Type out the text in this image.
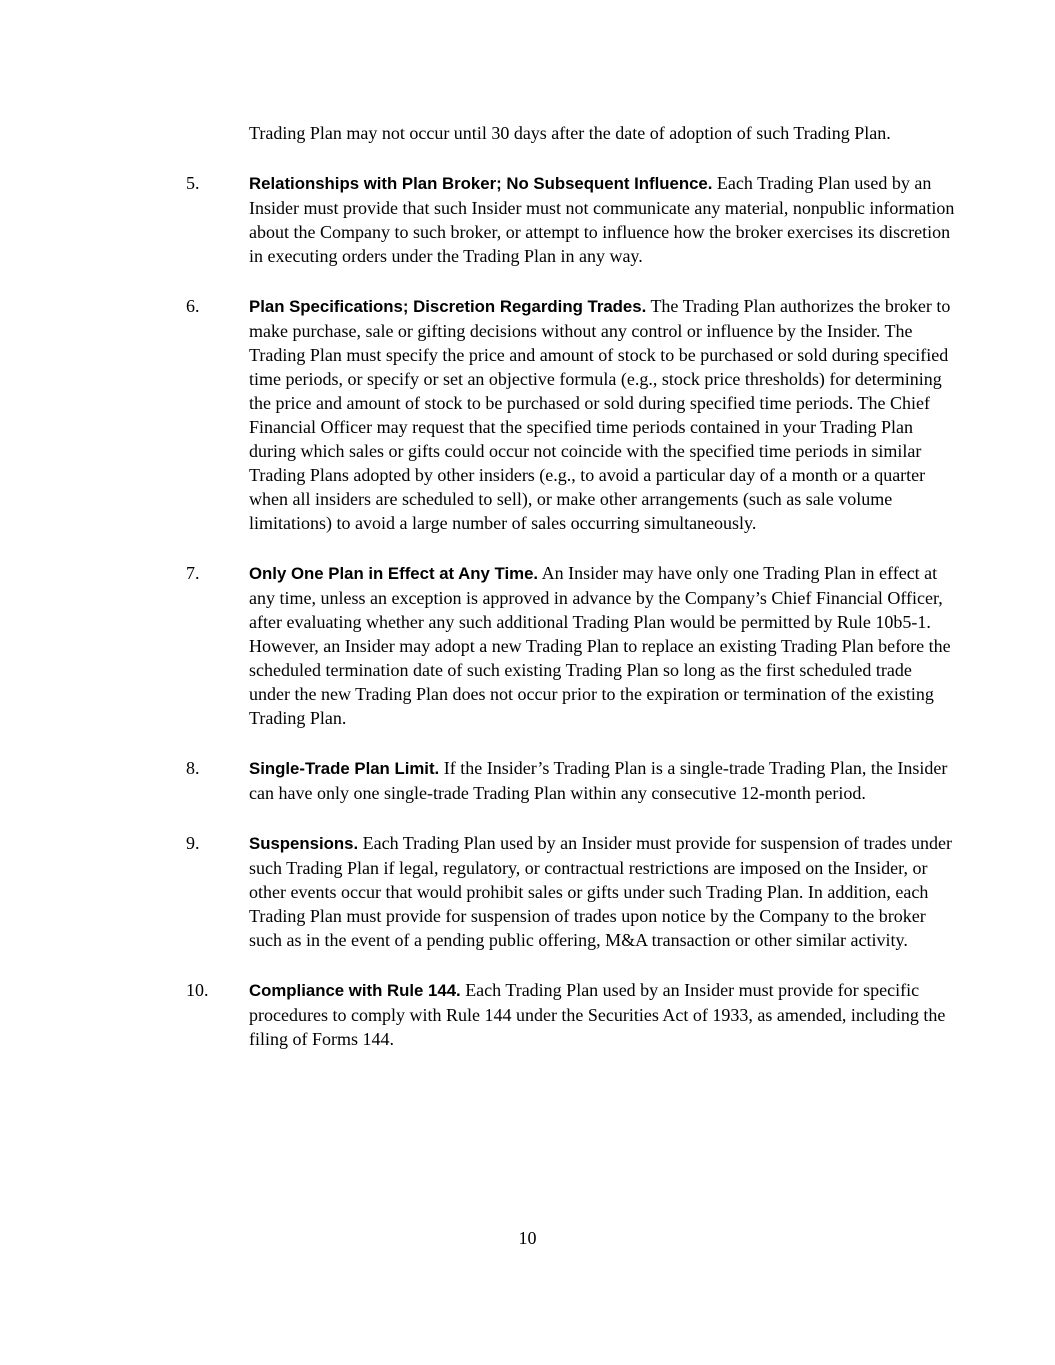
Trading Plan may not occur until 30 days after the date of adoption of such Trading Plan.

5.	Relationships with Plan Broker; No Subsequent Influence. Each Trading Plan used by an Insider must provide that such Insider must not communicate any material, nonpublic information about the Company to such broker, or attempt to influence how the broker exercises its discretion in executing orders under the Trading Plan in any way.
6.	Plan Specifications; Discretion Regarding Trades. The Trading Plan authorizes the broker to make purchase, sale or gifting decisions without any control or influence by the Insider. The Trading Plan must specify the price and amount of stock to be purchased or sold during specified time periods, or specify or set an objective formula (e.g., stock price thresholds) for determining the price and amount of stock to be purchased or sold during specified time periods. The Chief Financial Officer may request that the specified time periods contained in your Trading Plan during which sales or gifts could occur not coincide with the specified time periods in similar Trading Plans adopted by other insiders (e.g., to avoid a particular day of a month or a quarter when all insiders are scheduled to sell), or make other arrangements (such as sale volume limitations) to avoid a large number of sales occurring simultaneously.
7.	Only One Plan in Effect at Any Time. An Insider may have only one Trading Plan in effect at any time, unless an exception is approved in advance by the Company’s Chief Financial Officer, after evaluating whether any such additional Trading Plan would be permitted by Rule 10b5-1. However, an Insider may adopt a new Trading Plan to replace an existing Trading Plan before the scheduled termination date of such existing Trading Plan so long as the first scheduled trade under the new Trading Plan does not occur prior to the expiration or termination of the existing Trading Plan.
8.	Single-Trade Plan Limit. If the Insider’s Trading Plan is a single-trade Trading Plan, the Insider can have only one single-trade Trading Plan within any consecutive 12-month period.
9.	Suspensions. Each Trading Plan used by an Insider must provide for suspension of trades under such Trading Plan if legal, regulatory, or contractual restrictions are imposed on the Insider, or other events occur that would prohibit sales or gifts under such Trading Plan. In addition, each Trading Plan must provide for suspension of trades upon notice by the Company to the broker such as in the event of a pending public offering, M&A transaction or other similar activity.
10.	Compliance with Rule 144. Each Trading Plan used by an Insider must provide for specific procedures to comply with Rule 144 under the Securities Act of 1933, as amended, including the filing of Forms 144.
10
